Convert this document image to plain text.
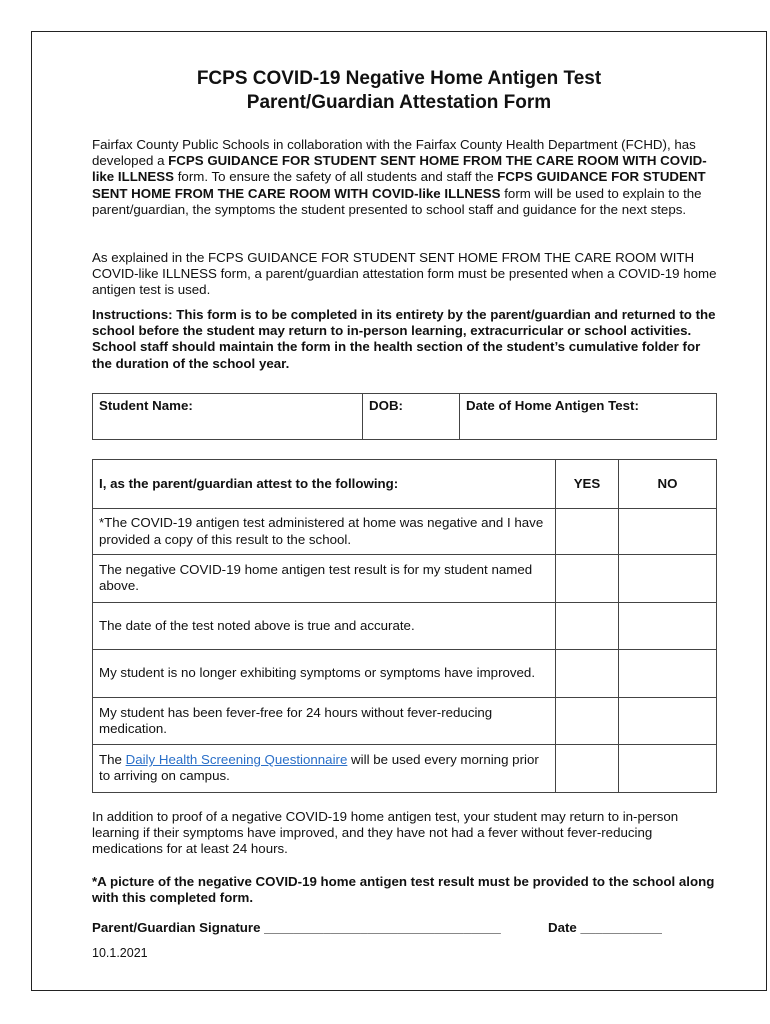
FCPS COVID-19 Negative Home Antigen Test
Parent/Guardian Attestation Form

Fairfax County Public Schools in collaboration with the Fairfax County Health Department (FCHD), has developed a FCPS GUIDANCE FOR STUDENT SENT HOME FROM THE CARE ROOM WITH COVID-like ILLNESS form. To ensure the safety of all students and staff the FCPS GUIDANCE FOR STUDENT SENT HOME FROM THE CARE ROOM WITH COVID-like ILLNESS form will be used to explain to the parent/guardian, the symptoms the student presented to school staff and guidance for the next steps.

As explained in the FCPS GUIDANCE FOR STUDENT SENT HOME FROM THE CARE ROOM WITH COVID-like ILLNESS form, a parent/guardian attestation form must be presented when a COVID-19 home antigen test is used.

Instructions: This form is to be completed in its entirety by the parent/guardian and returned to the school before the student may return to in-person learning, extracurricular or school activities. School staff should maintain the form in the health section of the student’s cumulative folder for the duration of the school year.

Student Name:	DOB:	Date of Home Antigen Test:
I, as the parent/guardian attest to the following:	YES	NO
*The COVID-19 antigen test administered at home was negative and I have provided a copy of this result to the school.		
The negative COVID-19 home antigen test result is for my student named above.		
The date of the test noted above is true and accurate.		
My student is no longer exhibiting symptoms or symptoms have improved.		
My student has been fever-free for 24 hours without fever-reducing medication.		
The Daily Health Screening Questionnaire will be used every morning prior to arriving on campus.		

In addition to proof of a negative COVID-19 home antigen test, your student may return to in-person learning if their symptoms have improved, and they have not had a fever without fever-reducing medications for at least 24 hours.

*A picture of the negative COVID-19 home antigen test result must be provided to the school along with this completed form.

Parent/Guardian Signature ________________________________	Date ___________
10.1.2021
